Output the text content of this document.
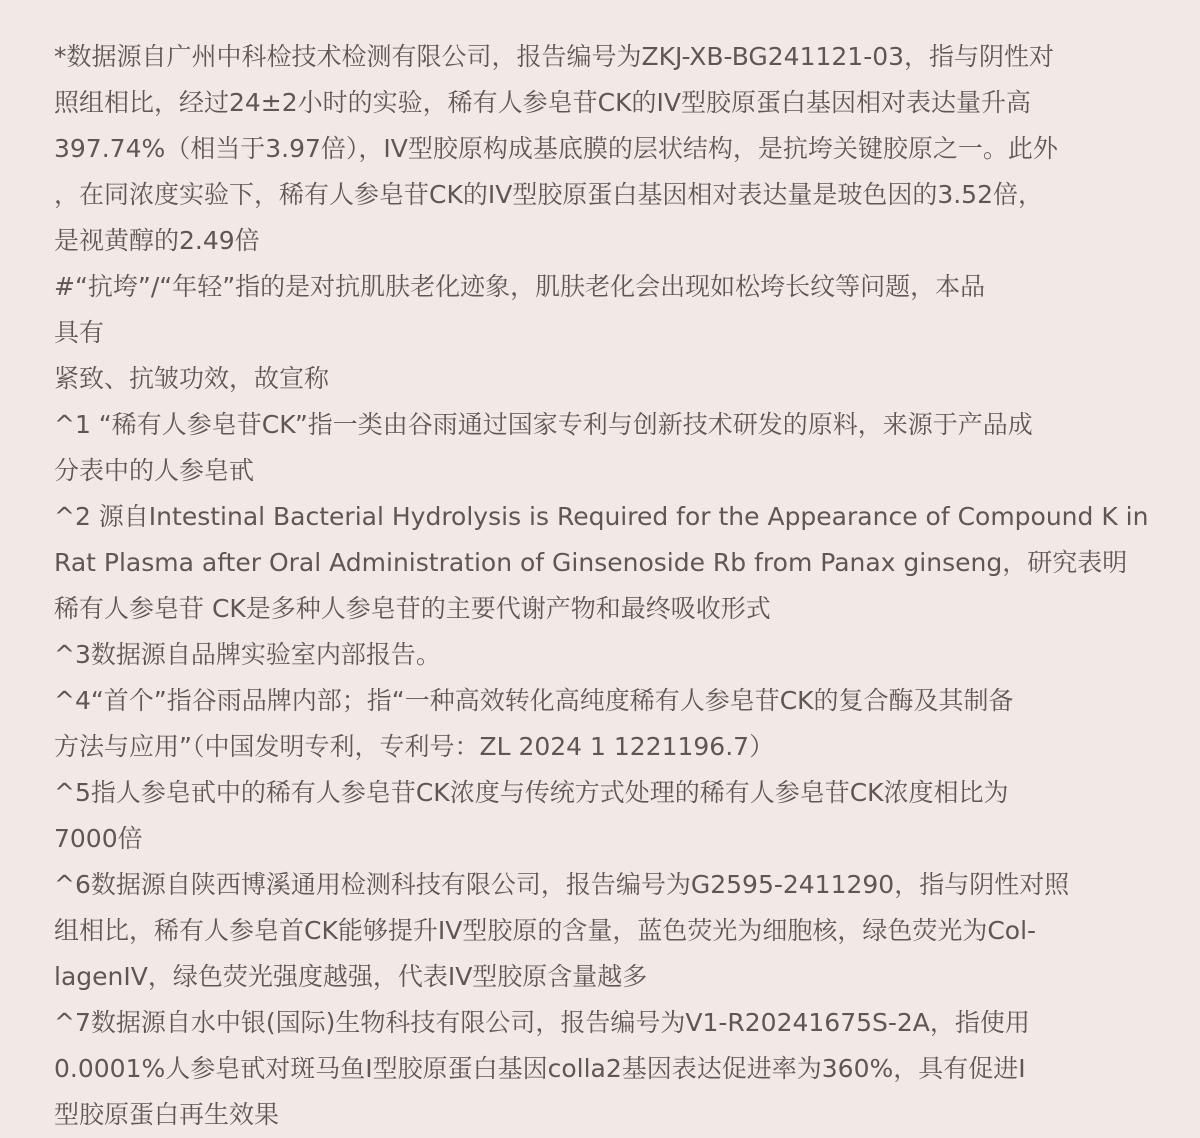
*数据源自广州中科检技术检测有限公司，报告编号为ZKJ-XB-BG241121-03，指与阴性对
照组相比，经过24±2小时的实验，稀有人参皂苷CK的IV型胶原蛋白基因相对表达量升高
397.74%（相当于3.97倍），IV型胶原构成基底膜的层状结构，是抗垮关键胶原之一。此外
，在同浓度实验下，稀有人参皂苷CK的IV型胶原蛋白基因相对表达量是玻色因的3.52倍，
是视黄醇的2.49倍
#“抗垮”/“年轻”指的是对抗肌肤老化迹象，肌肤老化会出现如松垮长纹等问题，本品
具有
紧致、抗皱功效，故宣称
^1 “稀有人参皂苷CK”指一类由谷雨通过国家专利与创新技术研发的原料，来源于产品成
分表中的人参皂甙
^2 源自Intestinal Bacterial Hydrolysis is Required for the Appearance of Compound K in
Rat Plasma after Oral Administration of Ginsenoside Rb from Panax ginseng，研究表明
稀有人参皂苷 CK是多种人参皂苷的主要代谢产物和最终吸收形式
^3数据源自品牌实验室内部报告。
^4“首个”指谷雨品牌内部；指“一种高效转化高纯度稀有人参皂苷CK的复合酶及其制备
方法与应用”（中国发明专利，专利号：ZL 2024 1 1221196.7）
^5指人参皂甙中的稀有人参皂苷CK浓度与传统方式处理的稀有人参皂苷CK浓度相比为
7000倍
^6数据源自陕西博溪通用检测科技有限公司，报告编号为G2595-2411290，指与阴性对照
组相比，稀有人参皂首CK能够提升IV型胶原的含量，蓝色荧光为细胞核，绿色荧光为Col-
lagenIV，绿色荧光强度越强，代表IV型胶原含量越多
^7数据源自水中银(国际)生物科技有限公司，报告编号为V1-R20241675S-2A，指使用
0.0001%人参皂甙对斑马鱼Ⅰ型胶原蛋白基因colla2基因表达促进率为360%，具有促进Ⅰ
型胶原蛋白再生效果
